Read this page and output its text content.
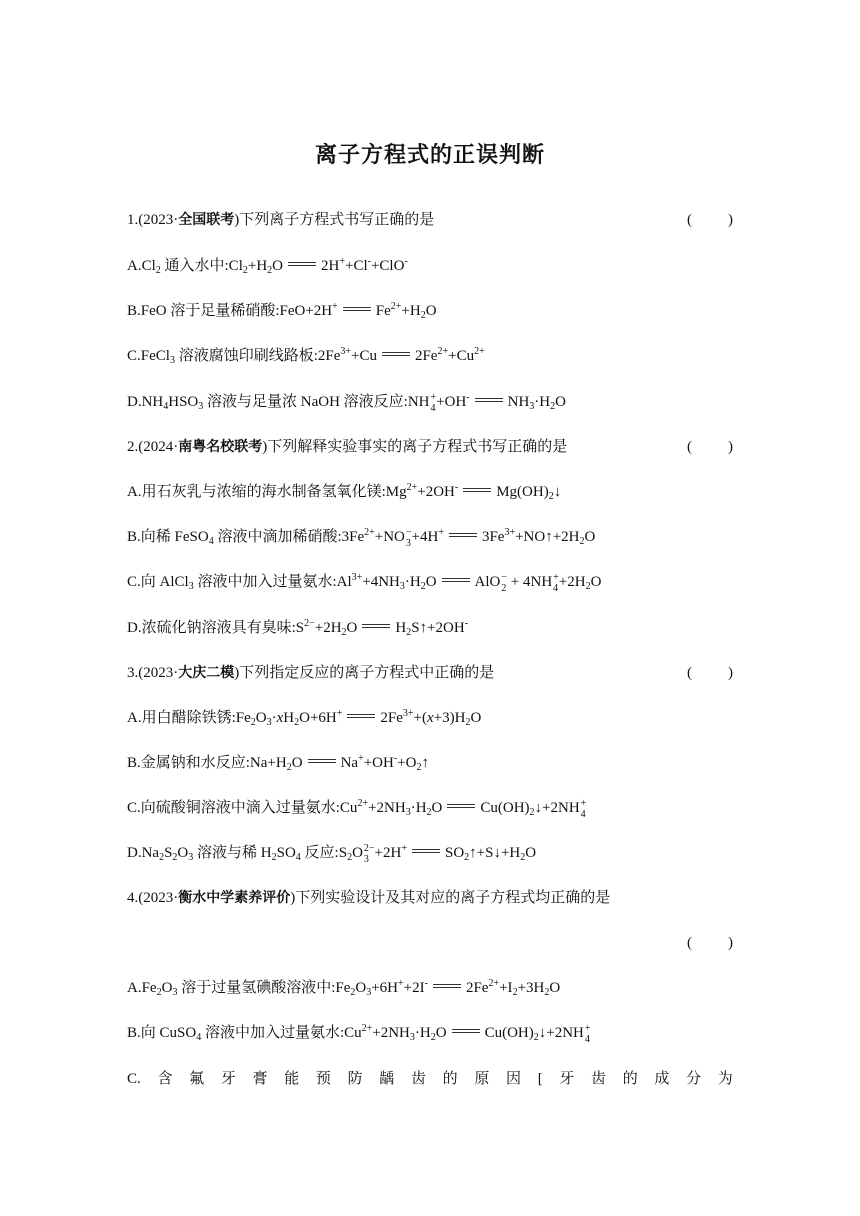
离子方程式的正误判断
1.(2023·全国联考)下列离子方程式书写正确的是	( )
$A.Cl_2$ 通入水中$:Cl_2+H_2O$	2H++Cl-+ClO-
B.FeO 溶于足量稀硝酸:FeO+2H+	$Fe^{2+}+H_2O$
C.FeCl$_3$ 溶液腐蚀印刷线路板$:2Fe^{3+}+Cu$	$2Fe^{2+}+Cu^{2+}$
$D.NH_4HSO_3$ 溶液与足量浓 NaOH 溶液反应:NH +
4 +OH-	$NH_3\cdot H_2O$
2.(2024·南粤名校联考)下列解释实验事实的离子方程式书写正确的是	( )
A.用石灰乳与浓缩的海水制备氢氧化镁$:Mg^{2+}+2OH^-$	$Mg(OH)_2↓$
B.向稀 FeSO$_4$ 溶液中滴加稀硝酸$:3Fe^{2+}+NO$ −
3 +4H+	$3Fe^{3+}+NO↑+2H_2O$
C.向 AlCl$_3$ 溶液中加入过量氨水$:Al^{3+}+4NH_3\cdot H_2O$	AlO −
2 + 4NH +
$4 +2H_2O$
D.浓硫化钠溶液具有臭味$:S^{2-}+2H_2O$	$H_2S↑+2OH^-$
3.(2023·大庆二模)下列指定反应的离子方程式中正确的是	( )
A.用白醋除铁锈$:Fe_2O_3\cdot xH_2O+6H^+$	$2Fe^{3+}+(x+3)H_2O$
B.金属钠和水反应$:Na+H_2O$	$Na^++OH^-+O_2↑$
C.向硫酸铜溶液中滴入过量氨水$:Cu^{2+}+2NH_3\cdot H_2O$	$Cu(OH)_2↓+2NH$ +
4
$D.Na_2S_2O_3$ 溶液与稀 $H_2SO_4$ 反应$:S_2O$ 2−
3 +2H+	$SO_2↑+S↓+H_2O$
4.(2023·衡水中学素养评价)下列实验设计及其对应的离子方程式均正确的是
( )
$A.Fe_2O_3$ 溶于过量氢碘酸溶液中$:Fe_2O_3+6H^++2I^-$	$2Fe^{2+}+I_2+3H_2O$
B.向 CuSO$_4$ 溶液中加入过量氨水$:Cu^{2+}+2NH_3\cdot H_2O$	$Cu(OH)_2↓+2NH$ +
4
C. 含 氟 牙 膏 能 预 防 龋 齿 的 原 因 [ 牙 齿 的 成 分 为
